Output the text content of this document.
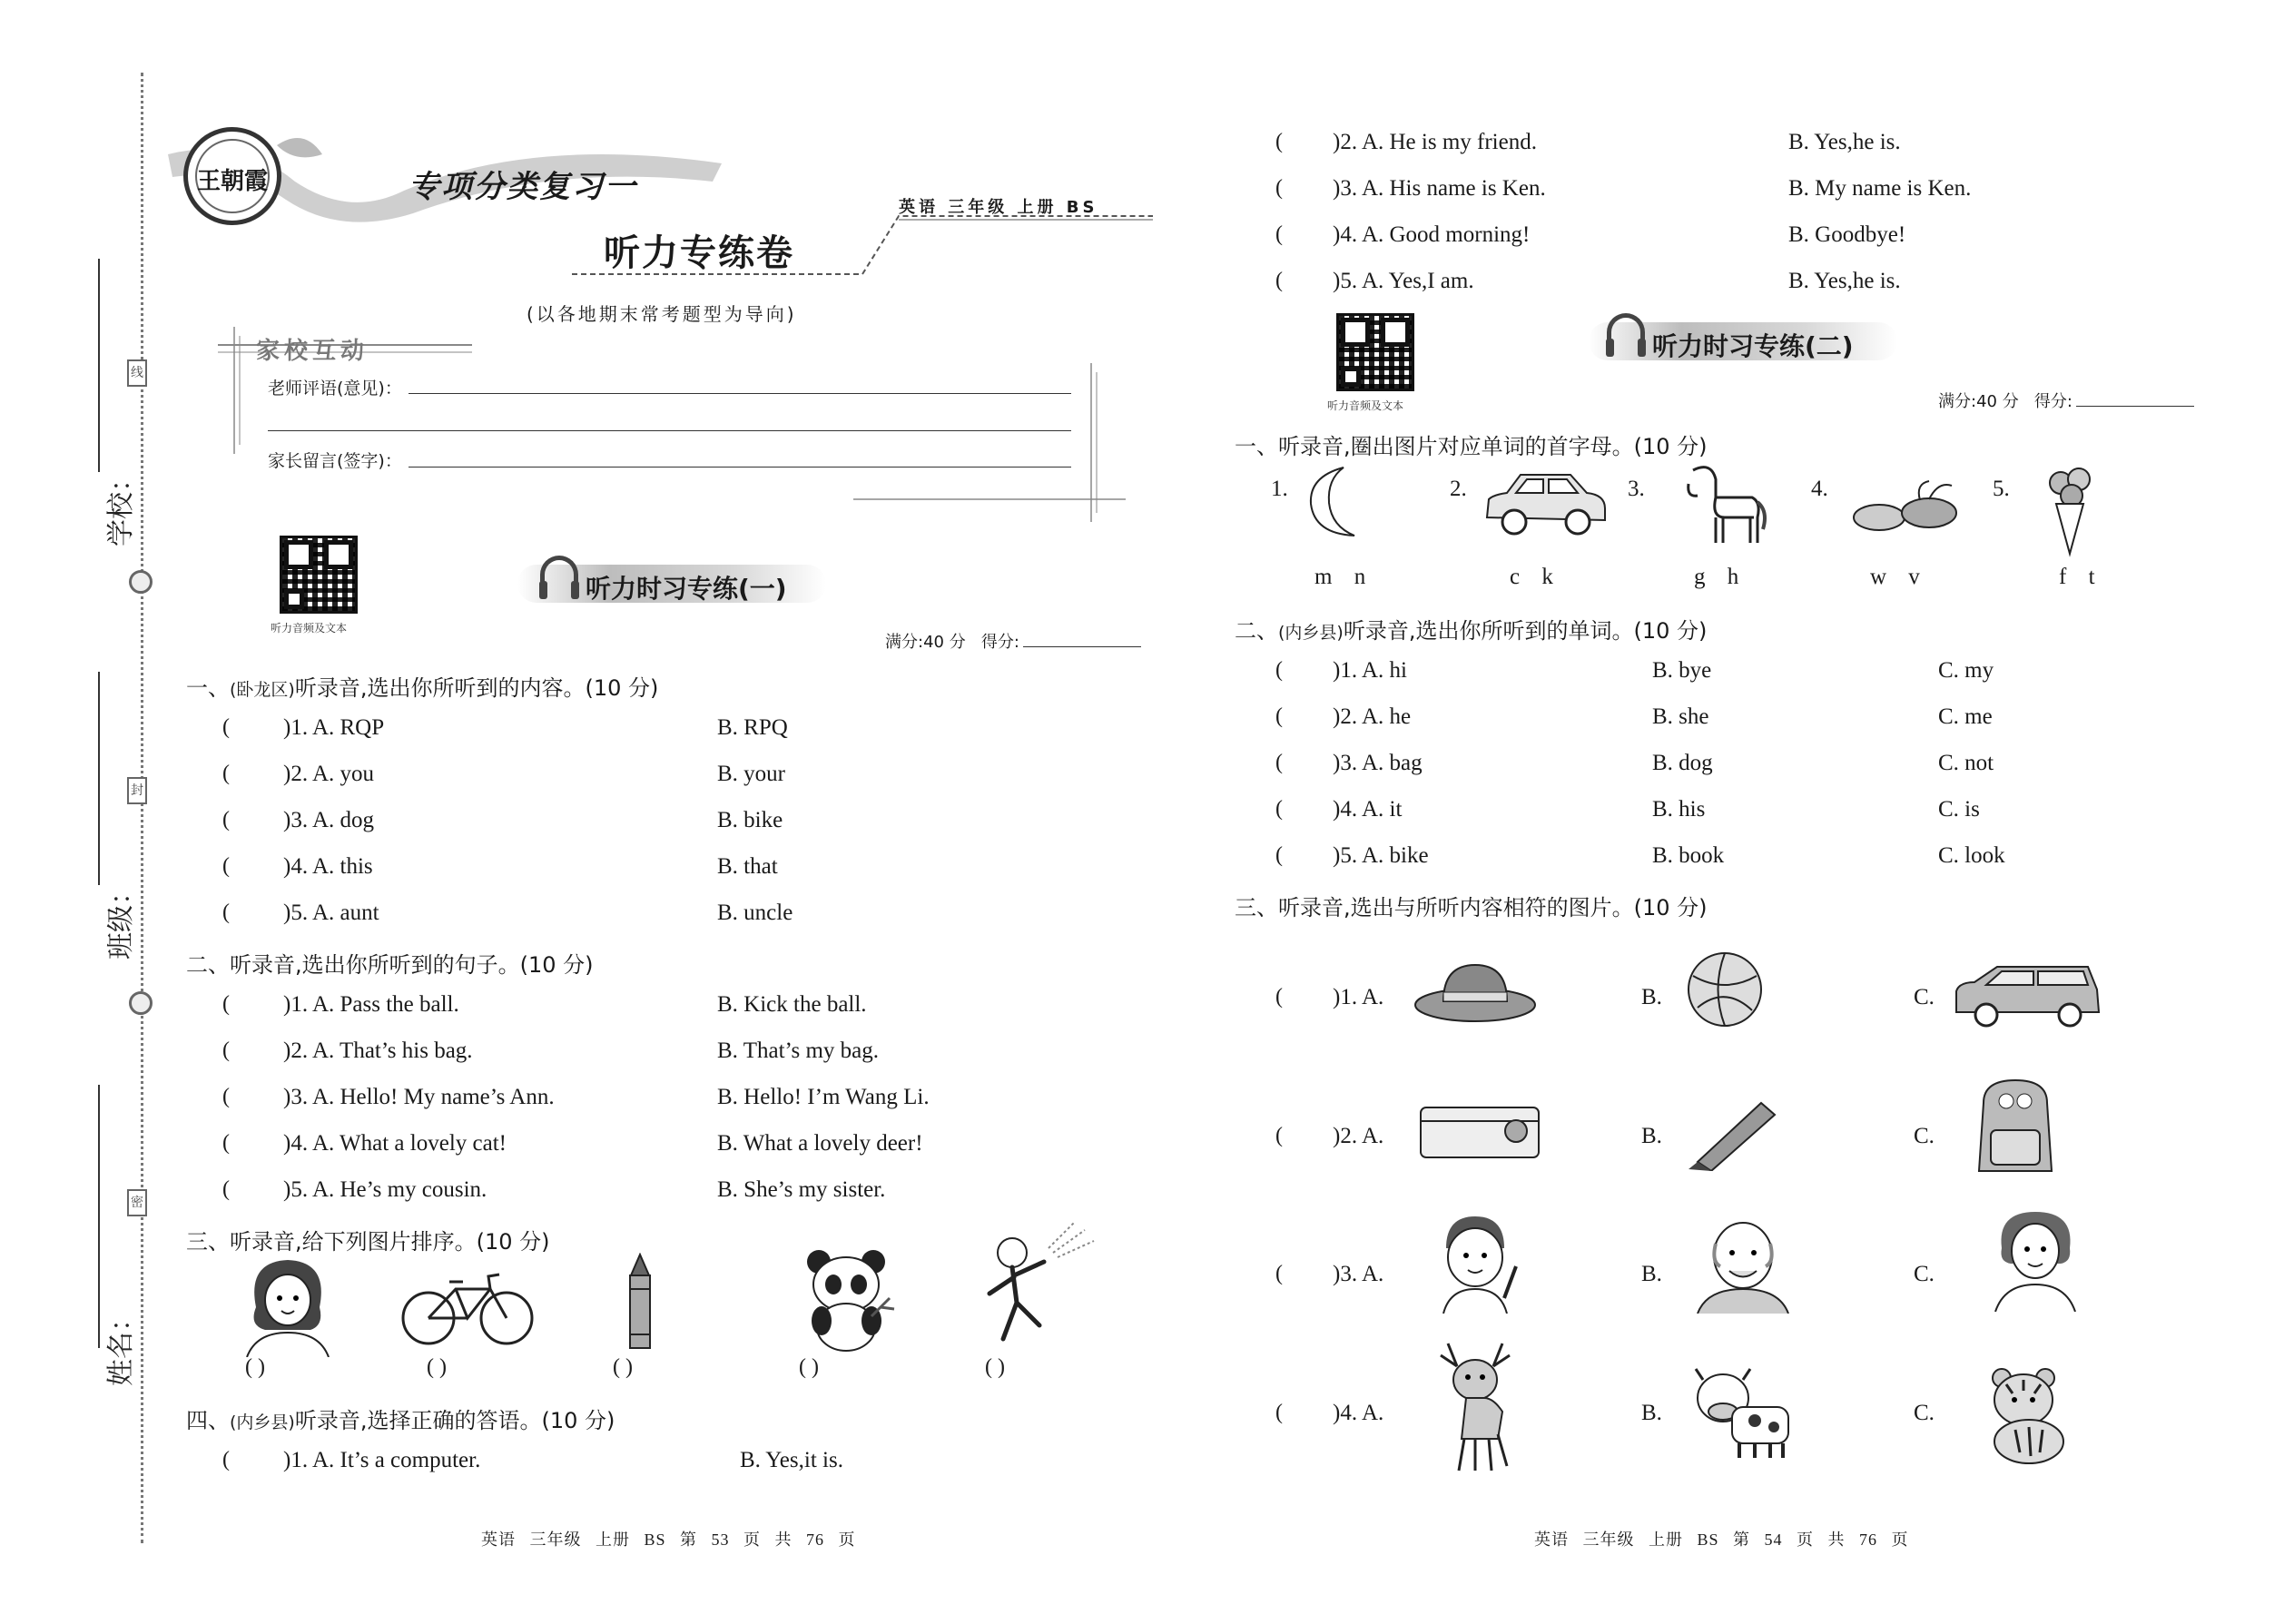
学校：
班级：
姓名：
线
封
密
王朝霞	专项分类复习一
英语 三年级 上册 BS
听力专练卷
(以各地期末常考题型为导向)
家校互动
老师评语(意见)：
家长留言(签字)：
听力音频及文本
听力时习专练(一)
满分:40 分 得分:
一、(卧龙区)听录音,选出你所听到的内容。(10 分)
( )1. A. RQP	B. RPQ
( )2. A. you	B. your
( )3. A. dog	B. bike
( )4. A. this	B. that
( )5. A. aunt	B. uncle
二、听录音,选出你所听到的句子。(10 分)
( )1. A. Pass the ball.	B. Kick the ball.
( )2. A. That’s his bag.	B. That’s my bag.
( )3. A. Hello! My name’s Ann.	B. Hello! I’m Wang Li.
( )4. A. What a lovely cat!	B. What a lovely deer!
( )5. A. He’s my cousin.	B. She’s my sister.
三、听录音,给下列图片排序。(10 分)
( )	( )	( )	( )	( )
四、(内乡县)听录音,选择正确的答语。(10 分)
( )1. A. It’s a computer.	B. Yes,it is.
英语 三年级 上册 BS 第 53 页 共 76 页
( )2. A. He is my friend.	B. Yes,he is.
( )3. A. His name is Ken.	B. My name is Ken.
( )4. A. Good morning!	B. Goodbye!
( )5. A. Yes,I am.	B. Yes,he is.
听力音频及文本
听力时习专练(二)
满分:40 分 得分:
一、听录音,圈出图片对应单词的首字母。(10 分)
1.
m n
2.
c k
3.
g h
4.
w v
5.
f t
二、(内乡县)听录音,选出你所听到的单词。(10 分)
( )1. A. hi	B. bye	C. my
( )2. A. he	B. she	C. me
( )3. A. bag	B. dog	C. not
( )4. A. it	B. his	C. is
( )5. A. bike	B. book	C. look
三、听录音,选出与所听内容相符的图片。(10 分)
( )1. A.	B.	C.
( )2. A.	B.	C.
( )3. A.	B.	C.
( )4. A.	B.	C.
英语 三年级 上册 BS 第 54 页 共 76 页
